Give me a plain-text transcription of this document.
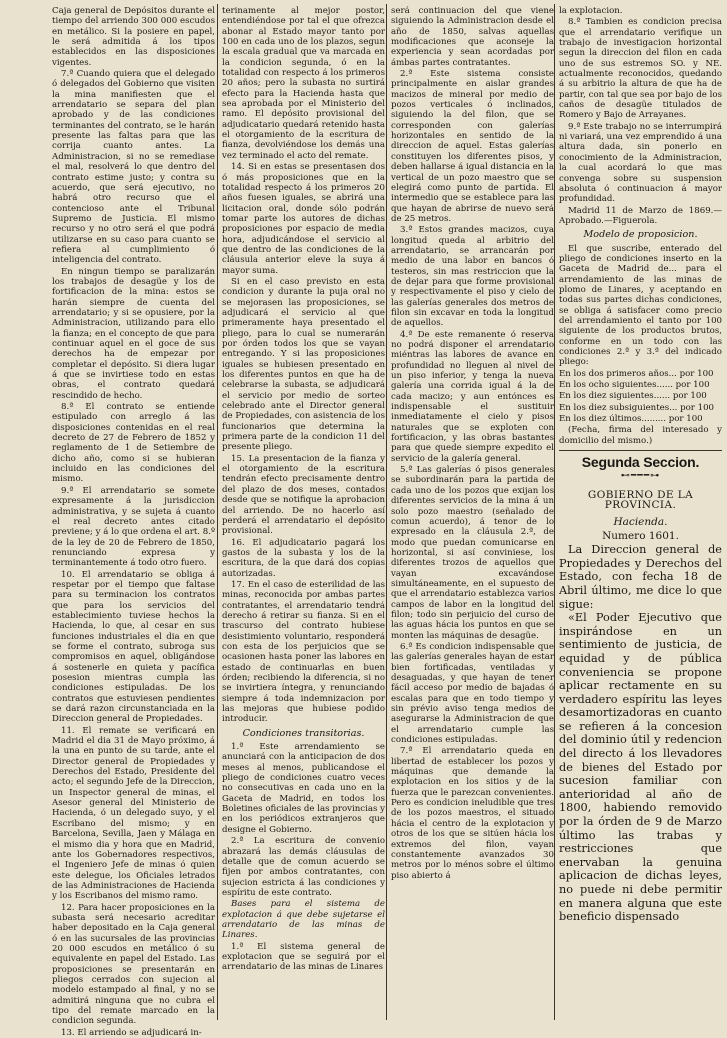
Caja general de Depósitos durante el tiempo del arriendo 300 000 escudos en metálico. Si la posiere en papel, le será admitida á los tipos establecidos en las disposiciones vigentes.

7.ª Cuando quiera que el delegado ó delegados del Gobierno que visiten la mina manifiesten que el arrendatario se separa del plan aprobado y de las condiciones terminantes del contrato, se le harán presente las faltas para que las corrija cuanto antes. La Administracion, si no se remediase el mal, resolverá lo que dentro del contrato estime justo; y contra su acuerdo, que será ejecutivo, no habrá otro recurso que el contencioso ante el Tribunal Supremo de Justicia. El mismo recurso y no otro será el que podrá utilizarse en su caso para cuanto se refiera al cumplimiento ó inteligencia del contrato.

En ningun tiempo se paralizarán los trabajos de desagüe y los de fortificacion de la mina: estos se harán siempre de cuenta del arrendatario; y si se opusiere, por la Administracion, utilizando para ello la fianza; en el concepto de que para continuar aquel en el goce de sus derechos ha de empezar por completar el depósito. Si diera lugar á que se invirtiese todo en estas obras, el contrato quedará rescindido de hecho.

8.ª El contrato se entiende estipulado con arreglo á las disposiciones contenidas en el real decreto de 27 de Febrero de 1852 y reglamento de 1 de Setiembre de dicho año, como si se hubieran incluido en las condiciones del mismo.

9.ª El arrendatario se somete expresamente á la jurisdiccion administrativa, y se sujeta á cuanto el real decreto antes citado previene; y á lo que ordena el art. 8.º de la ley de 20 de Febrero de 1850, renunciando expresa y terminantemente á todo otro fuero.

10. El arrendatario se obliga á respetar por el tiempo que faltase para su terminacion los contratos que para los servicios del establecimiento tuviese hechos la Hacienda, lo que, al cesar en sus funciones industriales el dia en que se forme el contrato, subroga sus compromisos en aquel, obligándose á sostenerle en quieta y pacífica posesion mientras cumpla las condiciones estipuladas. De los contratos que estuviesen pendientes se dará razon circunstanciada en la Direccion general de Propiedades.

11. El remate se verificará en Madrid el dia 31 de Mayo próximo, á la una en punto de su tarde, ante el Director general de Propiedades y Derechos del Estado, Presidente del acto; el segundo Jefe de la Direccion, un Inspector general de minas, el Asesor general del Ministerio de Hacienda, ó un delegado suyo, y el Escribano del mismo; y en Barcelona, Sevilla, Jaen y Málaga en el mismo dia y hora que en Madrid, ante los Gobernadores respectivos, el Ingeniero Jefe de minas ó quien este delegue, los Oficiales letrados de las Administraciones de Hacienda y los Escribanos del mismo ramo.

12. Para hacer proposiciones en la subasta será necesario acreditar haber depositado en la Caja general ó en las sucursales de las provincias 20 000 escudos en metálico ó su equivalente en papel del Estado. Las proposiciones se presentarán en pliegos cerrados con sujecion al modelo estampado al final, y no se admitirá ninguna que no cubra el tipo del remate marcado en la condicion segunda.

13. El arriendo se adjudicará in-

terinamente al mejor postor, entendiéndose por tal el que ofrezca abonar al Estado mayor tanto por 100 en cada uno de los plazos, segun la escala gradual que va marcada en la condicion segunda, ó en la totalidad con respecto á los primeros 20 años; pero la subasta no surtirá efecto para la Hacienda hasta que sea aprobada por el Ministerio del ramo. El depósito provisional del adjudicatario quedará retenido hasta el otorgamiento de la escritura de fianza, devolviéndose los demás una vez terminado el acto del remate.

14. Si en estas se presentasen dos ó más proposiciones que en la totalidad respecto á los primeros 20 años fuesen iguales, se abrirá una licitacion oral, donde sólo podrán tomar parte los autores de dichas proposiciones por espacio de media hora, adjudicándose el servicio al que dentro de las condiciones de la cláusula anterior eleve la suya á mayor suma.

Si en el caso previsto en esta condicion y durante la puja oral no se mejorasen las proposiciones, se adjudicará el servicio al que primeramente haya presentado el pliego, para lo cual se numerarán por órden todos los que se vayan entregando. Y si las proposiciones iguales se hubiesen presentado en los diferentes puntos en que ha de celebrarse la subasta, se adjudicará el servicio por medio de sorteo celebrado ante el Director general de Propiedades, con asistencia de los funcionarios que determina la primera parte de la condicion 11 del presente pliego.

15. La presentacion de la fianza y el otorgamiento de la escritura tendrán efecto precisamente dentro del plazo de dos meses, contados desde que se notifique la aprobacion del arriendo. De no hacerlo así perderá el arrendatario el depósito provisional.

16. El adjudicatario pagará los gastos de la subasta y los de la escritura, de la que dará dos copias autorizadas.

17. En el caso de esterilidad de las minas, reconocida por ambas partes contratantes, el arrendatario tendrá derecho á retirar su fianza. Si en el trascurso del contrato hubiese desistimiento voluntario, responderá con esta de los perjuicios que se ocasionen hasta poner las labores en estado de continuarlas en buen órden; recibiendo la diferencia, si no se invirtiera íntegra, y renunciando siempre á toda indemnizacion por las mejoras que hubiese podido introducir.

Condiciones transitorias.

1.ª Este arrendamiento se anunciará con la anticipacion de dos meses al menos, publicandose el pliego de condiciones cuatro veces no consecutivas en cada uno en la Gaceta de Madrid, en todos los Boletines oficiales de las provincias y en los periódicos extranjeros que designe el Gobierno.

2.ª La escritura de convenio abrazará las demás cláusulas de detalle que de comun acuerdo se fijen por ambos contratantes, con sujecion estricta á las condiciones y espíritu de este contrato.

Bases para el sistema de explotacion á que debe sujetarse el arrendatario de las minas de Linares.

1.ª El sistema general de explotacion que se seguirá por el arrendatario de las minas de Linares

será continuacion del que viene siguiendo la Administracion desde el año de 1850, salvas aquellas modificaciones que aconseje la experiencia y sean acordadas por ámbas partes contratantes.

2.ª Este sistema consiste principalmente en aislar grandes macizos de mineral por medio de pozos verticales ó inclinados, siguiendo la del filon, que se corresponden con galerías horizontales en sentido de la direccion de aquel. Estas galerías constituyen los diferentes pisos, y deben hallarse á igual distancia en la vertical de un pozo maestro que se elegirá como punto de partida. El intermedio que se establece para las que hayan de abrirse de nuevo será de 25 metros.

3.ª Estos grandes macizos, cuya longitud queda al arbitrio del arrendatario, se arrancarán por medio de una labor en bancos ó testeros, sin mas restriccion que la de dejar para que forme provisional y respectivamente el piso y cielo de las galerías generales dos metros de filon sin excavar en toda la longitud de aquellos.

4.ª De este remanente ó reserva no podrá disponer el arrendatario miéntras las labores de avance en profundidad no lleguen al nivel de un piso inferior, y tenga la nueva galería una corrida igual á la de cada macizo; y aun entónces es indispensable el sustituir inmediatamente el cielo y pisos naturales que se exploten con fortificacion, y las obras bastantes para que quede siempre expedito el servicio de la galería general.

5.ª Las galerías ó pisos generales se subordinarán para la partida de cada uno de los pozos que exijan los diferentes servicios de la mina á un solo pozo maestro (señalado de comun acuerdo), á tenor de lo expresado en la cláusula 2.ª, de modo que puedan comunicarse en horizontal, si así conviniese, los diferentes trozos de aquellos que vayan excavándose simultáneamente, en el supuesto de que el arrendatario establezca varios campos de labor en la longitud del filon; todo sin perjuicio del curso de las aguas hácia los puntos en que se monten las máquinas de desagüe.

6.ª Es condicion indispensable que las galerías generales hayan de estar bien fortificadas, ventiladas y desaguadas, y que hayan de tener fácil acceso por medio de bajadas ó escalas para que en todo tiempo y sin prévio aviso tenga medios de asegurarse la Administracion de que el arrendatario cumple las condiciones estipuladas.

7.ª El arrendatario queda en libertad de establecer los pozos y máquinas que demande la explotacion en los sitios y de la fuerza que le parezcan convenientes. Pero es condicion ineludible que tres de los pozos maestros, el situado hácia el centro de la explotacion y otros de los que se sitúen hácia los extremos del filon, vayan constantemente avanzados 30 metros por lo ménos sobre el último piso abierto á

la explotacion.

8.ª Tambien es condicion precisa que el arrendatario verifique un trabajo de investigacion horizontal segun la direccion del filon en cada uno de sus estremos SO. y NE. actualmente reconocidos, quedando á su arbitrio la altura de que ha de partir, con tal que sea por bajo de los caños de desagüe titulados de Romero y Bajo de Arrayanes.

9.ª Este trabajo no se interrumpirá ni variará, una vez emprendido á una altura dada, sin ponerlo en conocimiento de la Administracion, la cual acordará lo que mas convenga sobre su suspension absoluta ó continuacion á mayor profundidad.

Madrid 11 de Marzo de 1869.— Aprobado.—Figuerola.

Modelo de proposicion.

El que suscribe, enterado del pliego de condiciones inserto en la Gaceta de Madrid de... para el arrendamiento de las minas de plomo de Linares, y aceptando en todas sus partes dichas condiciones, se obliga á satisfacer como precio del arrendamiento el tanto por 100 siguiente de los productos brutos, conforme en un todo con las condiciones 2.ª y 3.ª del indicado pliego:

En los dos primeros años... por 100

En los ocho siguientes...... por 100

En los diez siguientes...... por 100

En los diez subsiguientes... por 100

En los diez últimos......... por 100

(Fecha, firma del interesado y domicilio del mismo.)

Segunda Seccion.
⊷━━━⊶
GOBIERNO DE LA PROVINCIA.
Hacienda.
Numero 1601.

La Direccion general de Propiedades y Derechos del Estado, con fecha 18 de Abril último, me dice lo que sigue:

«El Poder Ejecutivo que inspirándose en un sentimiento de justicia, de equidad y de pública conveniencia se propone aplicar rectamente en su verdadero espíritu las leyes desamortizadoras en cuanto se refieren á la concesion del dominio útil y redencion del directo á los llevadores de bienes del Estado por sucesion familiar con anterioridad al año de 1800, habiendo removido por la órden de 9 de Marzo último las trabas y restricciones que enervaban la genuina aplicacion de dichas leyes, no puede ni debe permitir en manera alguna que este beneficio dispensado
